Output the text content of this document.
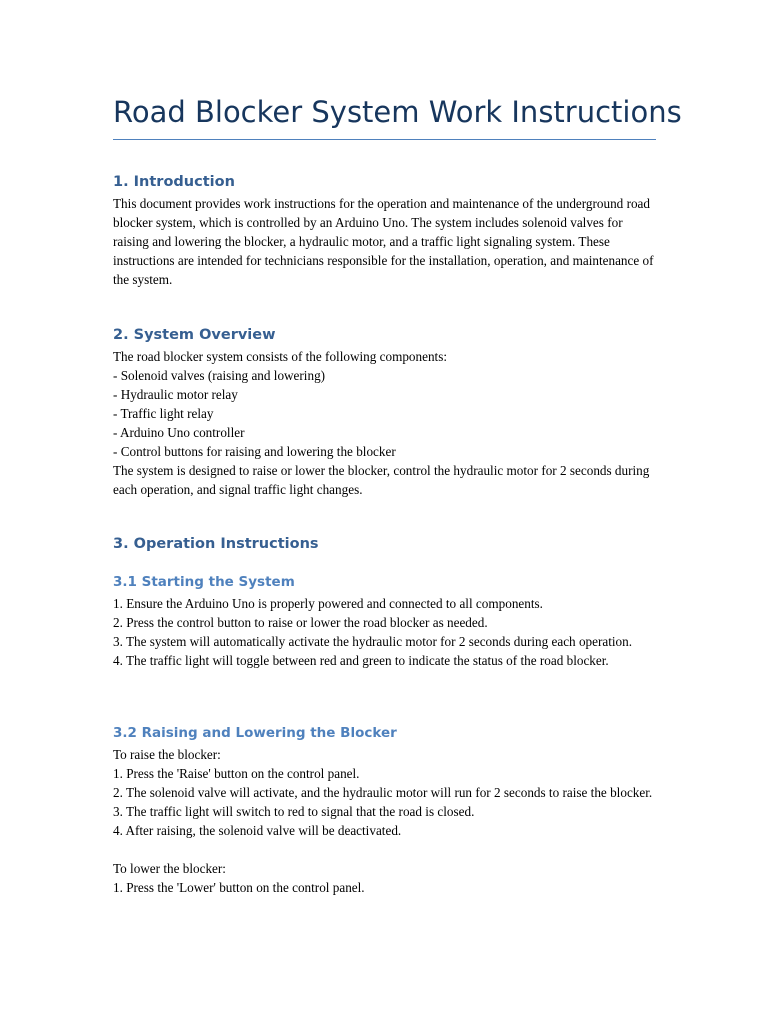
Road Blocker System Work Instructions
1. Introduction

This document provides work instructions for the operation and maintenance of the underground road blocker system, which is controlled by an Arduino Uno. The system includes solenoid valves for raising and lowering the blocker, a hydraulic motor, and a traffic light signaling system. These instructions are intended for technicians responsible for the installation, operation, and maintenance of the system.

2. System Overview
The road blocker system consists of the following components:
- Solenoid valves (raising and lowering)
- Hydraulic motor relay
- Traffic light relay
- Arduino Uno controller
- Control buttons for raising and lowering the blocker

The system is designed to raise or lower the blocker, control the hydraulic motor for 2 seconds during each operation, and signal traffic light changes.

3. Operation Instructions
3.1 Starting the System

1. Ensure the Arduino Uno is properly powered and connected to all components.

2. Press the control button to raise or lower the road blocker as needed.

3. The system will automatically activate the hydraulic motor for 2 seconds during each operation.

4. The traffic light will toggle between red and green to indicate the status of the road blocker.

3.2 Raising and Lowering the Blocker
To raise the blocker:

1. Press the 'Raise' button on the control panel.

2. The solenoid valve will activate, and the hydraulic motor will run for 2 seconds to raise the blocker.

3. The traffic light will switch to red to signal that the road is closed.

4. After raising, the solenoid valve will be deactivated.

To lower the blocker:

1. Press the 'Lower' button on the control panel.
